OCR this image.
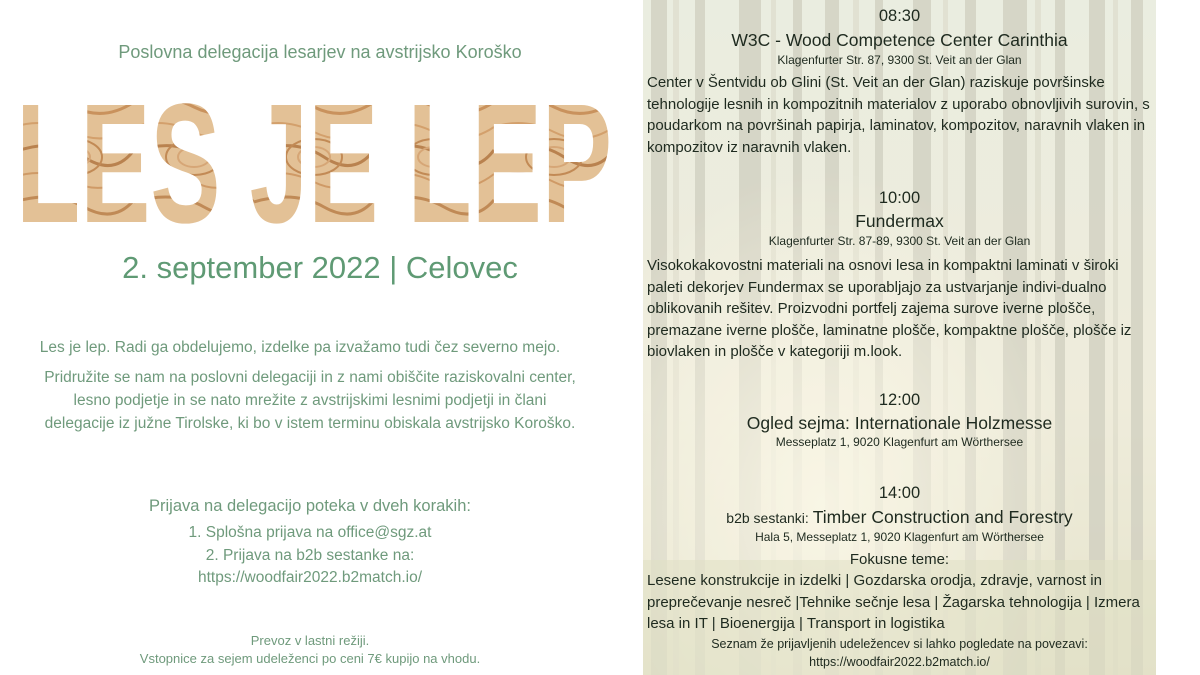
Poslovna delegacija lesarjev na avstrijsko Koroško
LES JE LEP
2. september 2022 | Celovec
Les je lep. Radi ga obdelujemo, izdelke pa izvažamo tudi čez severno mejo.
Pridružite se nam na poslovni delegaciji in z nami obiščite raziskovalni center, lesno podjetje in se nato mrežite z avstrijskimi lesnimi podjetji in člani delegacije iz južne Tirolske, ki bo v istem terminu obiskala avstrijsko Koroško.
Prijava na delegacijo poteka v dveh korakih:
1. Splošna prijava na office@sgz.at
2. Prijava na b2b sestanke na:
https://woodfair2022.b2match.io/
Prevoz v lastni režiji.
Vstopnice za sejem udeleženci po ceni 7€ kupijo na vhodu.
08:30
W3C - Wood Competence Center Carinthia
Klagenfurter Str. 87, 9300 St. Veit an der Glan
Center v Šentvidu ob Glini (St. Veit an der Glan) raziskuje površinske tehnologije lesnih in kompozitnih materialov z uporabo obnovljivih surovin, s poudarkom na površinah papirja, laminatov, kompozitov, naravnih vlaken in kompozitov iz naravnih vlaken.
10:00
Fundermax
Klagenfurter Str. 87-89, 9300 St. Veit an der Glan
Visokokakovostni materiali na osnovi lesa in kompaktni laminati v široki paleti dekorjev Fundermax se uporabljajo za ustvarjanje indivi-dualno oblikovanih rešitev. Proizvodni portfelj zajema surove iverne plošče, premazane iverne plošče, laminatne plošče, kompaktne plošče, plošče iz biovlaken in plošče v kategoriji m.look.
12:00
Ogled sejma: Internationale Holzmesse
Messeplatz 1, 9020 Klagenfurt am Wörthersee
14:00
b2b sestanki: Timber Construction and Forestry
Hala 5, Messeplatz 1, 9020 Klagenfurt am Wörthersee
Fokusne teme:
Lesene konstrukcije in izdelki | Gozdarska orodja, zdravje, varnost in preprečevanje nesreč |Tehnike sečnje lesa | Žagarska tehnologija | Izmera lesa in IT | Bioenergija | Transport in logistika
Seznam že prijavljenih udeležencev si lahko pogledate na povezavi:
https://woodfair2022.b2match.io/
